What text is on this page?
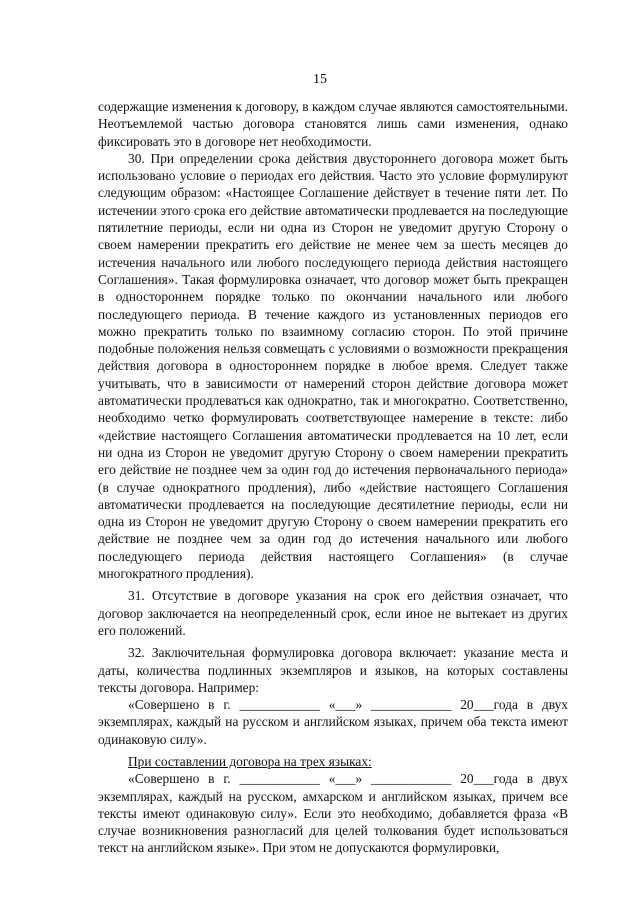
15

содержащие изменения к договору, в каждом случае являются самостоятельными. Неотъемлемой частью договора становятся лишь сами изменения, однако фиксировать это в договоре нет необходимости.

30. При определении срока действия двустороннего договора может быть использовано условие о периодах его действия. Часто это условие формулируют следующим образом: «Настоящее Соглашение действует в течение пяти лет. По истечении этого срока его действие автоматически продлевается на последующие пятилетние периоды, если ни одна из Сторон не уведомит другую Сторону о своем намерении прекратить его действие не менее чем за шесть месяцев до истечения начального или любого последующего периода действия настоящего Соглашения». Такая формулировка означает, что договор может быть прекращен в одностороннем порядке только по окончании начального или любого последующего периода. В течение каждого из установленных периодов его можно прекратить только по взаимному согласию сторон. По этой причине подобные положения нельзя совмещать с условиями о возможности прекращения действия договора в одностороннем порядке в любое время. Следует также учитывать, что в зависимости от намерений сторон действие договора может автоматически продлеваться как однократно, так и многократно. Соответственно, необходимо четко формулировать соответствующее намерение в тексте: либо «действие настоящего Соглашения автоматически продлевается на 10 лет, если ни одна из Сторон не уведомит другую Сторону о своем намерении прекратить его действие не позднее чем за один год до истечения первоначального периода» (в случае однократного продления), либо «действие настоящего Соглашения автоматически продлевается на последующие десятилетние периоды, если ни одна из Сторон не уведомит другую Сторону о своем намерении прекратить его действие не позднее чем за один год до истечения начального или любого последующего периода действия настоящего Соглашения» (в случае многократного продления).

31. Отсутствие в договоре указания на срок его действия означает, что договор заключается на неопределенный срок, если иное не вытекает из других его положений.

32. Заключительная формулировка договора включает: указание места и даты, количества подлинных экземпляров и языков, на которых составлены тексты договора. Например:

«Совершено в г. ____________ «___» ____________ 20___года в двух экземплярах, каждый на русском и английском языках, причем оба текста имеют одинаковую силу».

При составлении договора на трех языках:

«Совершено в г. ____________ «___» ____________ 20___года в двух экземплярах, каждый на русском, амхарском и английском языках, причем все тексты имеют одинаковую силу». Если это необходимо, добавляется фраза «В случае возникновения разногласий для целей толкования будет использоваться текст на английском языке». При этом не допускаются формулировки,
